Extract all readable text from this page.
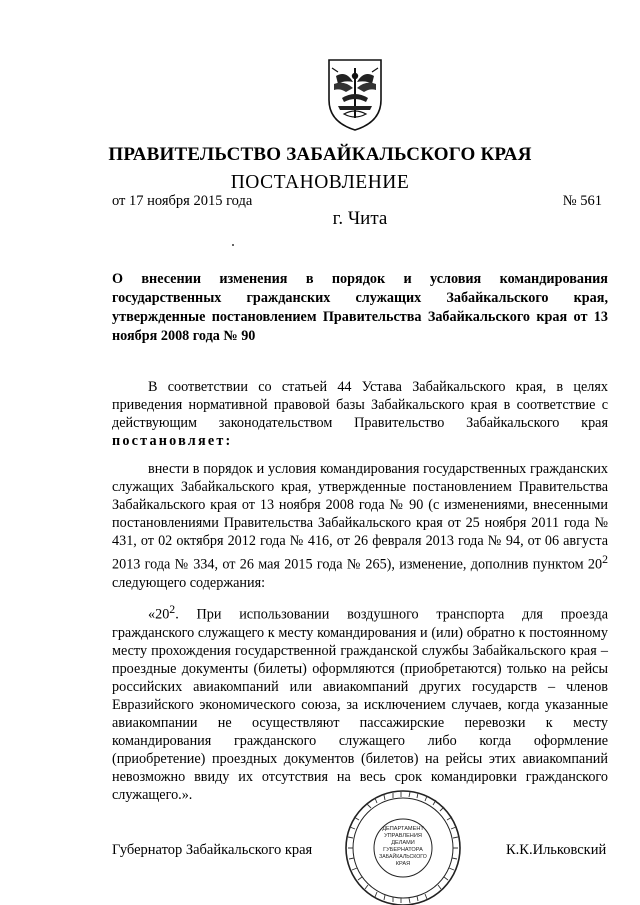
ПРАВИТЕЛЬСТВО ЗАБАЙКАЛЬСКОГО КРАЯ
ПОСТАНОВЛЕНИЕ
от 17 ноября 2015 года	№ 561
г. Чита
О внесении изменения в порядок и условия командирования государственных гражданских служащих Забайкальского края, утвержденные постановлением Правительства Забайкальского края от 13 ноября 2008 года № 90
В соответствии со статьей 44 Устава Забайкальского края, в целях приведения нормативной правовой базы Забайкальского края в соответствие с действующим законодательством Правительство Забайкальского края постановляет:
внести в порядок и условия командирования государственных гражданских служащих Забайкальского края, утвержденные постановлением Правительства Забайкальского края от 13 ноября 2008 года № 90 (с изменениями, внесенными постановлениями Правительства Забайкальского края от 25 ноября 2011 года № 431, от 02 октября 2012 года № 416, от 26 февраля 2013 года № 94, от 06 августа 2013 года № 334, от 26 мая 2015 года № 265), изменение, дополнив пунктом $20^2$ следующего содержания:
«$20^2$. При использовании воздушного транспорта для проезда гражданского служащего к месту командирования и (или) обратно к постоянному месту прохождения государственной гражданской службы Забайкальского края – проездные документы (билеты) оформляются (приобретаются) только на рейсы российских авиакомпаний или авиакомпаний других государств – членов Евразийского экономического союза, за исключением случаев, когда указанные авиакомпании не осуществляют пассажирские перевозки к месту командирования гражданского служащего либо когда оформление (приобретение) проездных документов (билетов) на рейсы этих авиакомпаний невозможно ввиду их отсутствия на весь срок командировки гражданского служащего.».
Губернатор Забайкальского края	К.К.Ильковский
ДЕПАРТАМЕНТ
УПРАВЛЕНИЯ
ДЕЛАМИ
ГУБЕРНАТОРА
ЗАБАЙКАЛЬСКОГО
КРАЯ
